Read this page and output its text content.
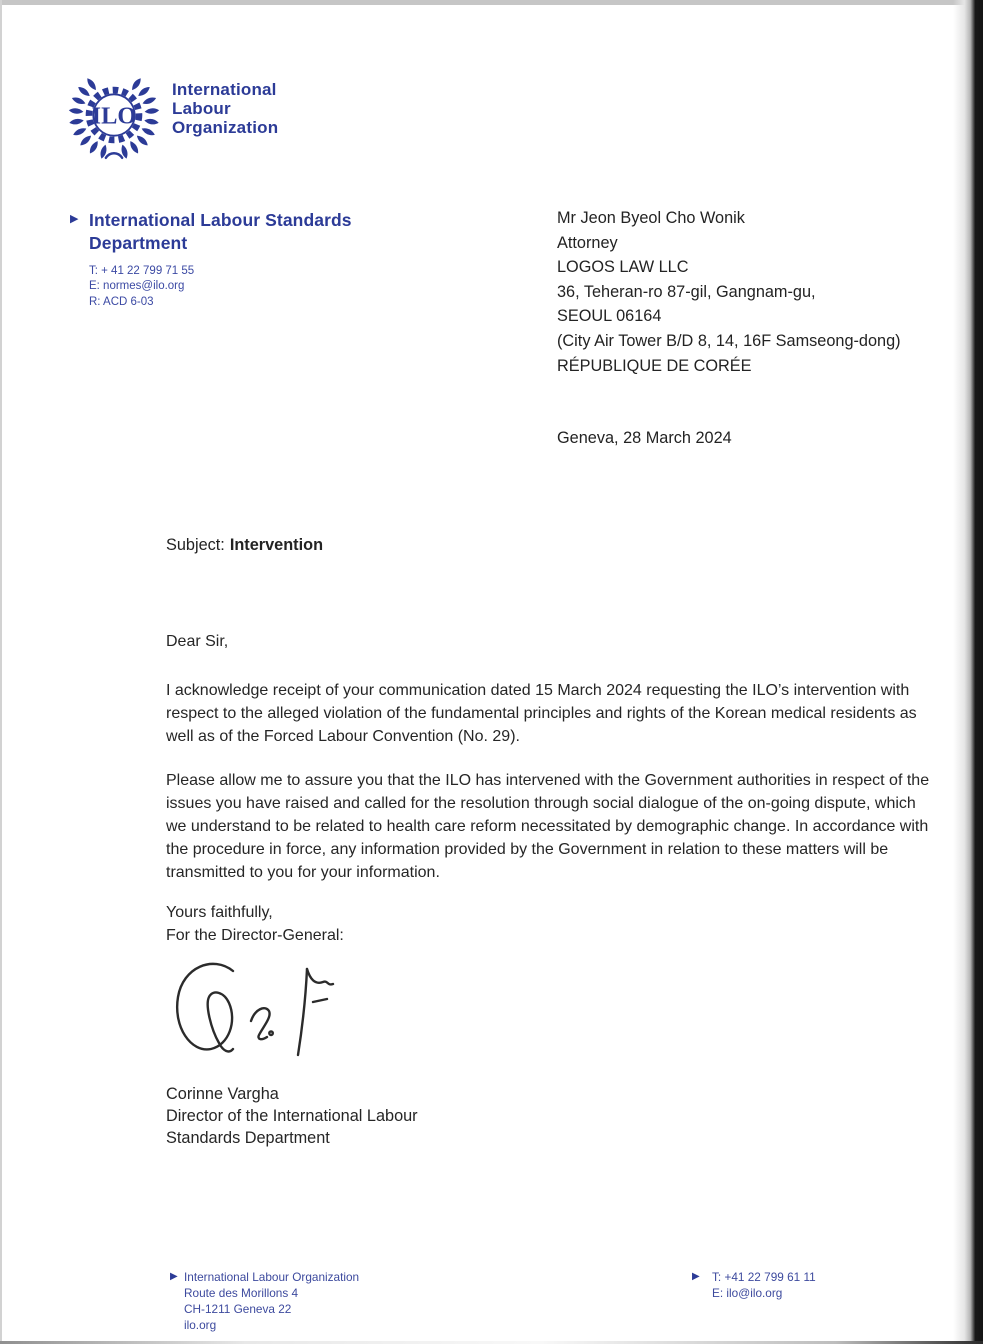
ILO
International
Labour
Organization
▶ International Labour Standards
Department
T: + 41 22 799 71 55
E: normes@ilo.org
R: ACD 6-03
Mr Jeon Byeol Cho Wonik
Attorney
LOGOS LAW LLC
36, Teheran-ro 87-gil, Gangnam-gu,
SEOUL 06164
(City Air Tower B/D 8, 14, 16F Samseong-dong)
RÉPUBLIQUE DE CORÉE
Geneva, 28 March 2024
Subject: Intervention
Dear Sir,
I acknowledge receipt of your communication dated 15 March 2024 requesting the ILO’s intervention with respect to the alleged violation of the fundamental principles and rights of the Korean medical residents as well as of the Forced Labour Convention (No. 29).
Please allow me to assure you that the ILO has intervened with the Government authorities in respect of the issues you have raised and called for the resolution through social dialogue of the on-going dispute, which we understand to be related to health care reform necessitated by demographic change. In accordance with the procedure in force, any information provided by the Government in relation to these matters will be transmitted to you for your information.
Yours faithfully,
For the Director-General:
Corinne Vargha
Director of the International Labour
Standards Department
▶ International Labour Organization
Route des Morillons 4
CH-1211 Geneva 22
ilo.org
▶	T: +41 22 799 61 11
E: ilo@ilo.org
